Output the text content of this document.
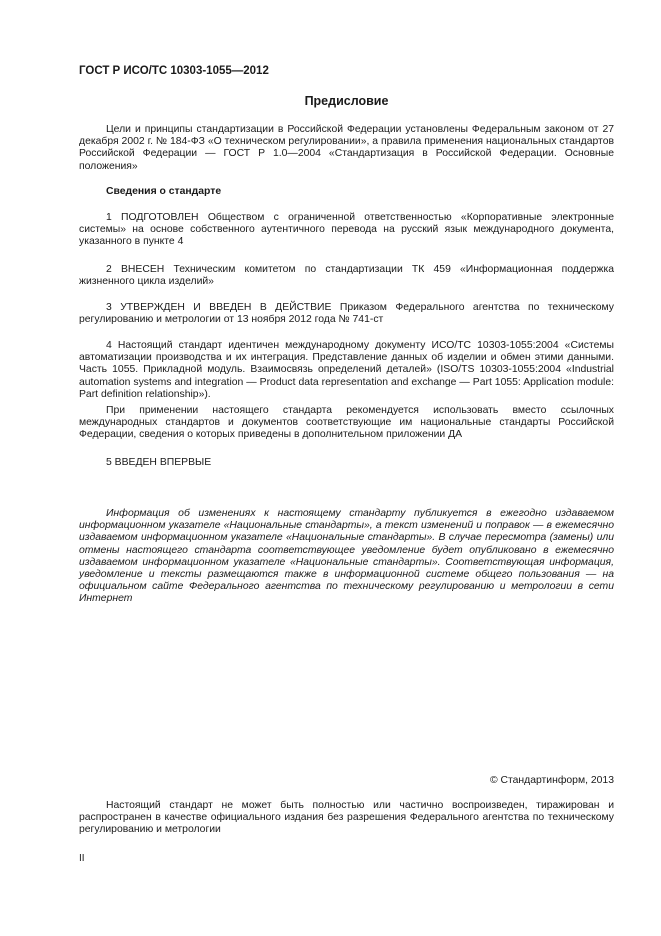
ГОСТ Р ИСО/ТС 10303-1055—2012
Предисловие

Цели и принципы стандартизации в Российской Федерации установлены Федеральным законом от 27 декабря 2002 г. № 184-ФЗ «О техническом регулировании», а правила применения национальных стандартов Российской Федерации — ГОСТ Р 1.0—2004 «Стандартизация в Российской Федерации. Основные положения»

Сведения о стандарте

1 ПОДГОТОВЛЕН Обществом с ограниченной ответственностью «Корпоративные электронные системы» на основе собственного аутентичного перевода на русский язык международного документа, указанного в пункте 4

2 ВНЕСЕН Техническим комитетом по стандартизации ТК 459 «Информационная поддержка жизненного цикла изделий»

3 УТВЕРЖДЕН И ВВЕДЕН В ДЕЙСТВИЕ Приказом Федерального агентства по техническому регулированию и метрологии от 13 ноября 2012 года № 741-ст

4 Настоящий стандарт идентичен международному документу ИСО/ТС 10303-1055:2004 «Системы автоматизации производства и их интеграция. Представление данных об изделии и обмен этими данными. Часть 1055. Прикладной модуль. Взаимосвязь определений деталей» (ISO/TS 10303-1055:2004 «Industrial automation systems and integration — Product data representation and exchange — Part 1055: Application module: Part definition relationship»).

При применении настоящего стандарта рекомендуется использовать вместо ссылочных международных стандартов и документов соответствующие им национальные стандарты Российской Федерации, сведения о которых приведены в дополнительном приложении ДА

5 ВВЕДЕН ВПЕРВЫЕ

Информация об изменениях к настоящему стандарту публикуется в ежегодно издаваемом информационном указателе «Национальные стандарты», а текст изменений и поправок — в ежемесячно издаваемом информационном указателе «Национальные стандарты». В случае пересмотра (замены) или отмены настоящего стандарта соответствующее уведомление будет опубликовано в ежемесячно издаваемом информационном указателе «Национальные стандарты». Соответствующая информация, уведомление и тексты размещаются также в информационной системе общего пользования — на официальном сайте Федерального агентства по техническому регулированию и метрологии в сети Интернет

© Стандартинформ, 2013

Настоящий стандарт не может быть полностью или частично воспроизведен, тиражирован и распространен в качестве официального издания без разрешения Федерального агентства по техническому регулированию и метрологии

II
